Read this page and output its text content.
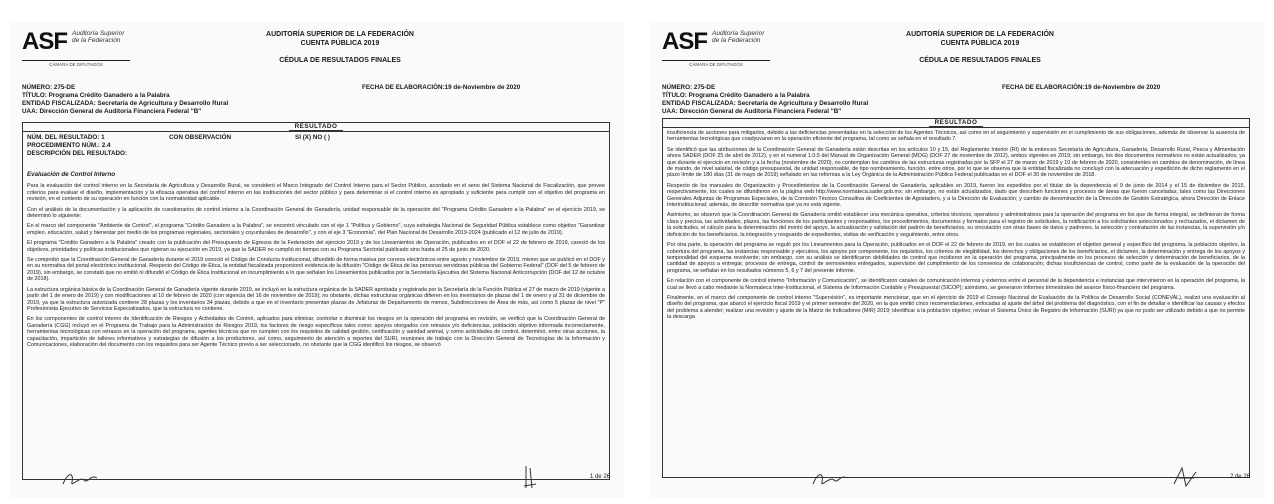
ASF Auditoría Superior de la Federación
CÁMARA DE DIPUTADOS
AUDITORÍA SUPERIOR DE LA FEDERACIÓN
CUENTA PÚBLICA 2019
CÉDULA DE RESULTADOS FINALES
NÚMERO: 275-DE	FECHA DE ELABORACIÓN:19 de-Noviembre de 2020
TÍTULO: Programa Crédito Ganadero a la Palabra
ENTIDAD FISCALIZADA: Secretaría de Agricultura y Desarrollo Rural
UAA: Dirección General de Auditoría Financiera Federal "B"
RESULTADO
NÚM. DEL RESULTADO: 1	CON OBSERVACIÓN	SI (X) NO ( )
PROCEDIMIENTO NÚM.: 2.4
DESCRIPCIÓN DEL RESULTADO:
Evaluación de Control Interno

Para la evaluación del control interno en la Secretaría de Agricultura y Desarrollo Rural, se consideró el Marco Integrado del Control Interno para el Sector Público, acordado en el seno del Sistema Nacional de Fiscalización, que provee criterios para evaluar el diseño, implementación y la eficacia operativa del control interno en las instituciones del sector público y para determinar si el control interno es apropiado y suficiente para cumplir con el objetivo del programa en revisión, en el contexto de su operación en función con la normatividad aplicable.

Con el análisis de la documentación y la aplicación de cuestionarios de control interno a la Coordinación General de Ganadería, unidad responsable de la operación del "Programa Crédito Ganadero a la Palabra" en el ejercicio 2019, se determinó lo siguiente:

En el marco del componente "Ambiente de Control", el programa "Crédito Ganadero a la Palabra", se encontró vinculado con el eje 1 "Política y Gobierno", cuya estrategia Nacional de Seguridad Pública establece como objetivo "Garantizar empleo, educación, salud y bienestar por medio de los programas regionales, sectoriales y coyunturales de desarrollo", y con el eje 3 "Economía", del Plan Nacional de Desarrollo 2019-2024 (publicado el 12 de julio de 2019).

El programa "Crédito Ganadero a la Palabra" creado con la publicación del Presupuesto de Egresos de la Federación del ejercicio 2019 y de los Lineamientos de Operación, publicados en el DOF el 22 de febrero de 2019, careció de los objetivos, prioridades y políticas institucionales que rigieran su ejecución en 2019, ya que la SADER no cumplió en tiempo con su Programa Sectorial publicado sino hasta el 25 de junio de 2020.

Se comprobó que la Coordinación General de Ganadería durante el 2019 conoció el Código de Conducta Institucional, difundido de forma masiva por correos electrónicos entre agosto y noviembre de 2019, mismo que se publicó en el DOF y en su normativa del portal electrónico institucional. Respecto del Código de Ética, la entidad fiscalizada proporcionó evidencia de la difusión "Código de Ética de las personas servidoras públicas del Gobierno Federal" (DOF del 5 de febrero de 2019), sin embargo, se constató que no emitió ni difundió el Código de Ética Institucional en incumplimiento a lo que señalan los Lineamientos publicados por la Secretaría Ejecutiva del Sistema Nacional Anticorrupción (DOF del 12 de octubre de 2018).

La estructura orgánica básica de la Coordinación General de Ganadería vigente durante 2019, se incluyó en la estructura orgánica de la SADER aprobada y registrada por la Secretaría de la Función Pública el 27 de marzo de 2019 (vigente a partir del 1 de enero de 2019) y con modificaciones al 10 de febrero de 2020 (con vigencia del 16 de noviembre de 2019); no obstante, dichas estructuras orgánicas difieren en los inventarios de plazas del 1 de enero y al 31 de diciembre de 2019, ya que la estructura autorizada contiene 28 plazas y los inventarios 34 plazas, debido a que en el inventario presentan plazas de Jefaturas de Departamento de menos, Subdirecciones de Área de más, así como 5 plazas de nivel "P" Profesionista Ejecutivo de Servicios Especializados, que la estructura no contiene.

En los componentes de control interno de Identificación de Riesgos y Actividades de Control, aplicados para eliminar, controlar o disminuir los riesgos en la operación del programa en revisión, se verificó que la Coordinación General de Ganadería (CGG) incluyó en el Programa de Trabajo para la Administración de Riesgos 2019, los factores de riesgo específicos tales como: apoyos otorgados con retrasos y/o deficiencias, población objetivo informada incorrectamente, herramientas tecnológicas con retrasos en la operación del programa, agentes técnicos que no cumplen con los requisitos de calidad gestión, certificación y sanidad animal, y como actividades de control, determinó, entre otras acciones, la capacitación, impartición de talleres informativos y estrategias de difusión a los productores, así como, seguimiento de atención a reportes del SURI, reuniones de trabajo con la Dirección General de Tecnologías de la Información y Comunicaciones, elaboración del documento con los requisitos para ser Agente Técnico previo a ser seleccionado, no obstante que la CGG identificó los riesgos, se observó

1 de 26
ASF Auditoría Superior de la Federación
CÁMARA DE DIPUTADOS
AUDITORÍA SUPERIOR DE LA FEDERACIÓN
CUENTA PÚBLICA 2019
CÉDULA DE RESULTADOS FINALES
NÚMERO: 275-DE	FECHA DE ELABORACIÓN:19 de-Noviembre de 2020
TÍTULO: Programa Crédito Ganadero a la Palabra
ENTIDAD FISCALIZADA: Secretaría de Agricultura y Desarrollo Rural
UAA: Dirección General de Auditoría Financiera Federal "B"
RESULTADO

insuficiencia de acciones para mitigarlos, debido a las deficiencias presentadas en la selección de los Agentes Técnicos, así como en el seguimiento y supervisión en el cumplimiento de sus obligaciones, además de observar la ausencia de herramientas tecnológicas que coadyuvaran en la operación eficiente del programa, tal como se señala en el resultado 7.

Se identificó que las atribuciones de la Coordinación General de Ganadería están descritas en los artículos 10 y 15, del Reglamento Interior (RI) de la entonces Secretaría de Agricultura, Ganadería, Desarrollo Rural, Pesca y Alimentación ahora SADER (DOF 25 de abril de 2012), y en el numeral 1.0.5 del Manual de Organización General (MOG) (DOF 27 de noviembre de 2012), ambos vigentes en 2019; sin embargo, los dos documentos normativos no están actualizados, ya que durante el ejercicio en revisión y a la fecha (noviembre de 2020), no contemplan los cambios de las estructuras registradas por la SFP el 27 de marzo de 2019 y 10 de febrero de 2020, consistentes en cambios de denominación, de línea de mando, de nivel salarial, de código presupuestal, de unidad responsable, de tipo nombramiento, función, entre otros, por lo que se observa que la entidad fiscalizada no concluyó con la adecuación y expedición de dicho reglamento en el plazo límite de 180 días (31 de mayo de 2019) señalado en las reformas a la Ley Orgánica de la Administración Pública Federal publicadas en el DOF el 30 de noviembre de 2018.

Respecto de los manuales de Organización y Procedimientos de la Coordinación General de Ganadería, aplicables en 2019, fueron los expedidos por el titular de la dependencia el 9 de junio de 2014 y el 15 de diciembre de 2015, respectivamente, los cuales se difundieron en la página web http://www.normateca.sader.gob.mx; sin embargo, no están actualizados, dado que describen funciones y procesos de áreas que fueron canceladas; tales como las Direcciones Generales Adjuntas de Programas Especiales, de la Comisión Técnico Consultiva de Coeficientes de Agostadero, y a la Dirección de Evaluación; y cambio de denominación de la Dirección de Gestión Estratégica, ahora Dirección de Enlace Interinstitucional; además, de describir normativa que ya no está vigente.

Asimismo, se observó que la Coordinación General de Ganadería omitió establecer una mecánica operativa, criterios técnicos, operativos y administrativos para la operación del programa en los que de forma integral, se definieran de forma clara y precisa, las actividades, plazos, las funciones de los participantes y responsables, los procedimientos, documentos y formatos para el registro de solicitudes, la notificación a los solicitantes seleccionados y rechazados, el dictamen de la solicitudes, el cálculo para la determinación del monto del apoyo, la actualización y validación del padrón de beneficiarios, su vinculación con otras bases de datos y padrones, la selección y contratación de las instancias, la supervisión y/o definición de los beneficiarios, la integración y resguardo de expedientes, visitas de verificación y seguimiento, entre otros.

Por otra parte, la operación del programa se reguló por los Lineamientos para la Operación, publicados en el DOF el 22 de febrero de 2019, en los cuales se establecen el objetivo general y específico del programa, la población objetivo, la cobertura del programa, las instancias responsable y ejecutora, los apoyos por componente, los requisitos, los criterios de elegibilidad, los derechos y obligaciones de los beneficiarios, el dictamen, la determinación y entrega de los apoyos y temporalidad del esquema revolvente; sin embargo, con su análisis se identificaron debilidades de control que incidieron en la operación del programa, principalmente en los procesos de selección y determinación de beneficiarios, de la cantidad de apoyos a entregar, procesos de entrega, control de semovientes entregados, supervisión del cumplimiento de los convenios de colaboración; dichas insuficiencias de control, como parte de la evaluación de la operación del programa, se señalan en los resultados números 5, 6 y 7 del presente informe.

En relación con el componente de control interno "Información y Comunicación", se identificaron canales de comunicación internos y externos entre el personal de la dependencia e instancias que intervinieron en la operación del programa, la cual se llevó a cabo mediante la Normateca Inter-Institucional, el Sistema de Información Contable y Presupuestal (SICOP); asimismo, se generaron informes trimestrales del avance físico-financiero del programa.

Finalmente, en el marco del componente de control interno "Supervisión", es importante mencionar, que en el ejercicio de 2019 el Consejo Nacional de Evaluación de la Política de Desarrollo Social (CONEVAL), realizó una evaluación al diseño del programa, que abarcó el ejercicio fiscal 2019 y el primer semestre del 2020, en la que emitió cinco recomendaciones, enfocadas al ajuste del árbol del problema del diagnóstico, con el fin de detallar e identificar las causas y efectos del problema a atender; realizar una revisión y ajuste de la Matriz de Indicadores (MIR) 2019; identificar a la población objetivo; revisar el Sistema Único de Registro de Información (SURI) ya que no pudo ser utilizado debido a que no permite la descarga

2 de 26
